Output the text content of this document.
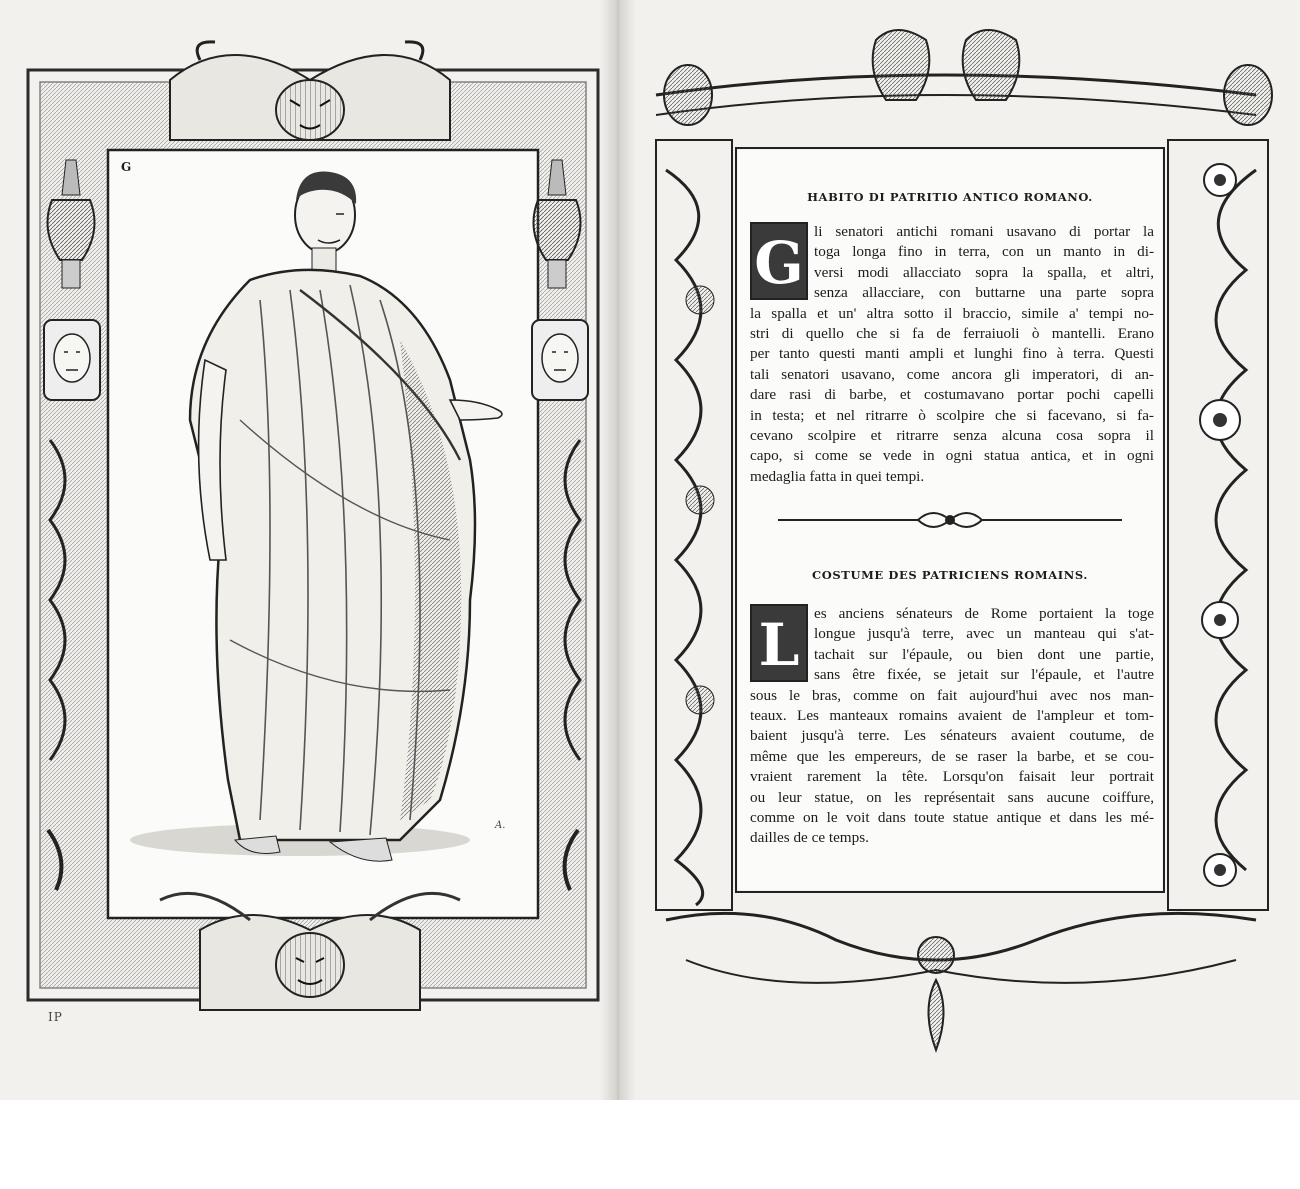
G
A.
IP
HABITO DI PATRITIO ANTICO ROMANO.
G li senatori antichi romani usavano di portar la
toga longa fino in terra, con un manto in di-
versi modi allacciato sopra la spalla, et altri,
senza allacciare, con buttarne una parte sopra
la spalla et un' altra sotto il braccio, simile a' tempi no-
stri di quello che si fa de ferraiuoli ò mantelli. Erano
per tanto questi manti ampli et lunghi fino à terra. Questi
tali senatori usavano, come ancora gli imperatori, di an-
dare rasi di barbe, et costumavano portar pochi capelli
in testa; et nel ritrarre ò scolpire che si facevano, si fa-
cevano scolpire et ritrarre senza alcuna cosa sopra il
capo, si come se vede in ogni statua antica, et in ogni
medaglia fatta in quei tempi.
COSTUME DES PATRICIENS ROMAINS.
L es anciens sénateurs de Rome portaient la toge
longue jusqu'à terre, avec un manteau qui s'at-
tachait sur l'épaule, ou bien dont une partie,
sans être fixée, se jetait sur l'épaule, et l'autre
sous le bras, comme on fait aujourd'hui avec nos man-
teaux. Les manteaux romains avaient de l'ampleur et tom-
baient jusqu'à terre. Les sénateurs avaient coutume, de
même que les empereurs, de se raser la barbe, et se cou-
vraient rarement la tête. Lorsqu'on faisait leur portrait
ou leur statue, on les représentait sans aucune coiffure,
comme on le voit dans toute statue antique et dans les mé-
dailles de ce temps.
